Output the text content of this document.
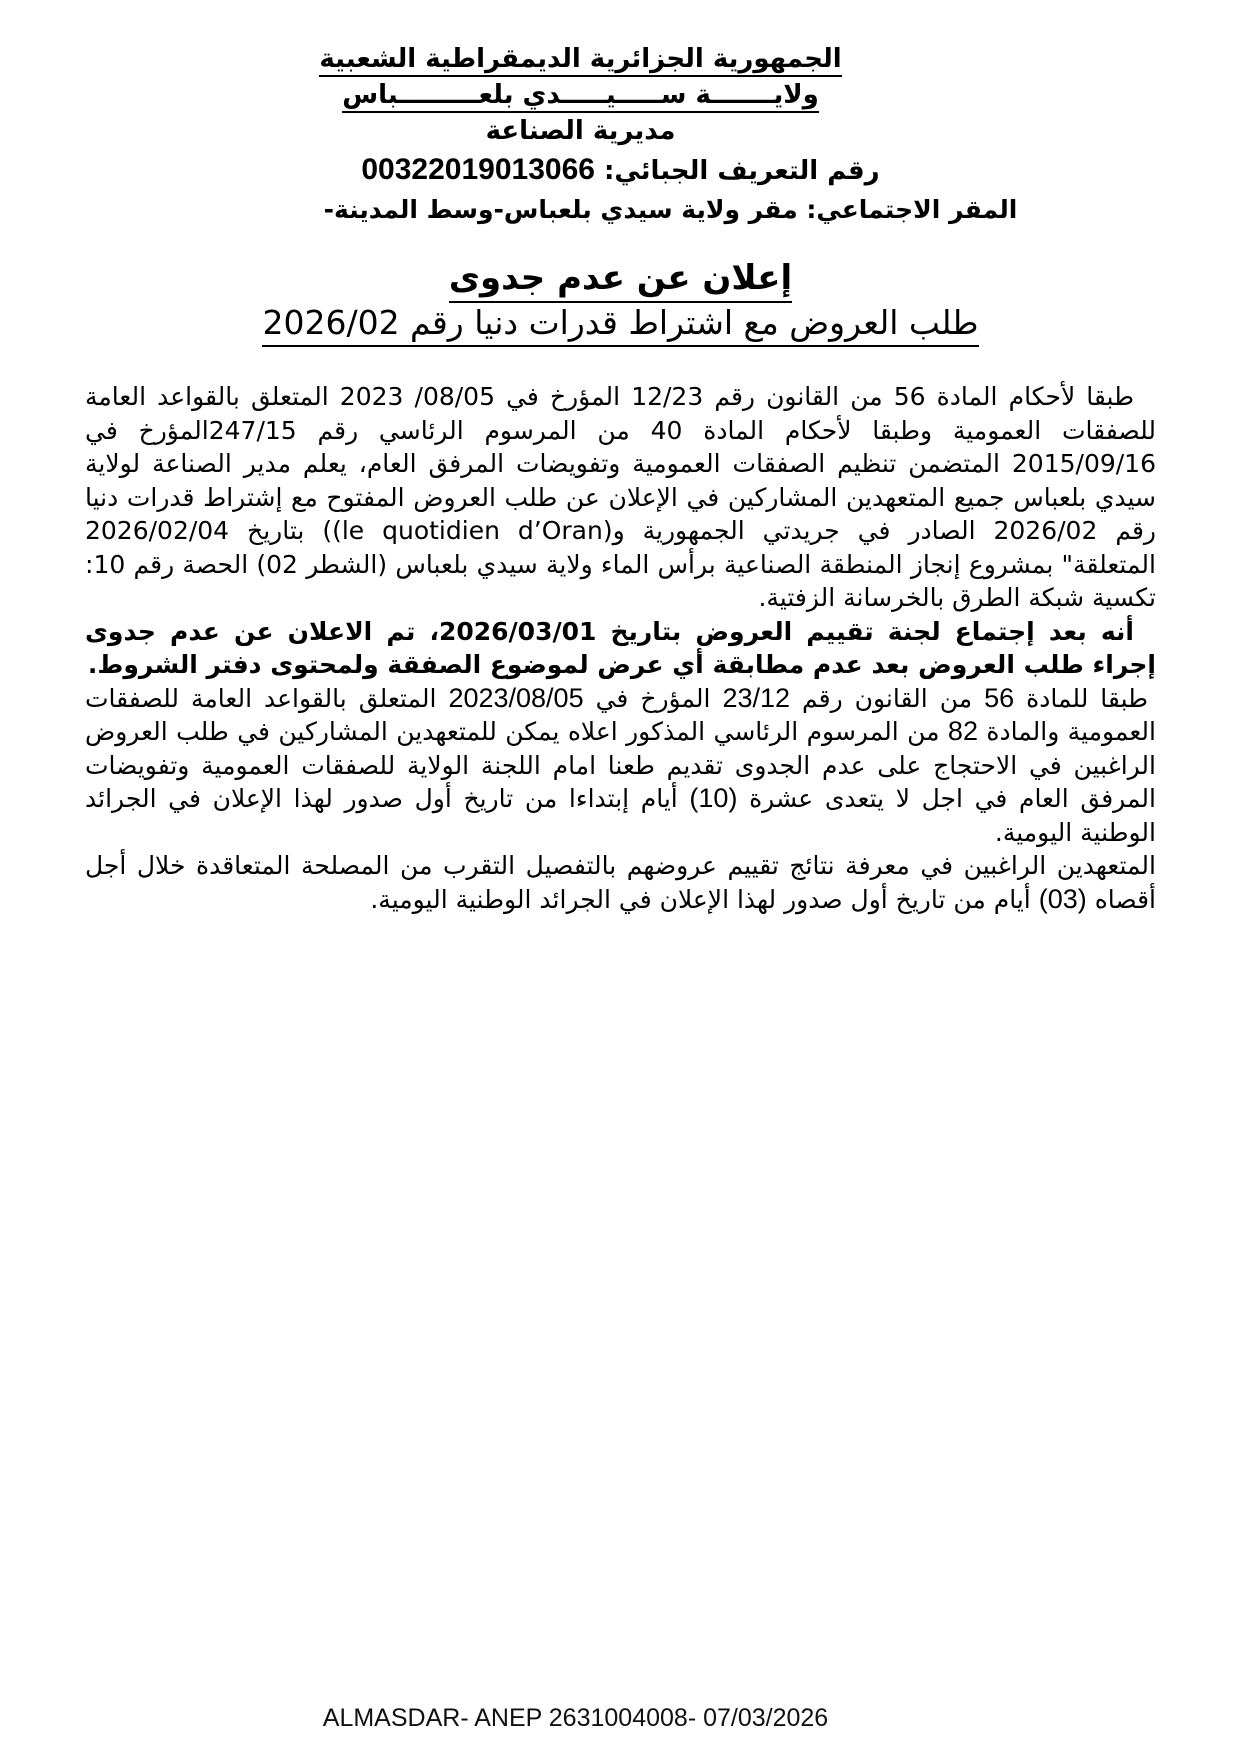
الجمهورية الجزائرية الديمقراطية الشعبية
ولايـــــــة ســـــيـــــدي بلعـــــــــباس
مديرية الصناعة
رقم التعريف الجبائي: 00322019013066
المقر الاجتماعي: مقر ولاية سيدي بلعباس-وسط المدينة-
إعلان عن عدم جدوى
طلب العروض مع اشتراط قدرات دنيا رقم 2026/02

طبقا لأحكام المادة 56 من القانون رقم 12/23 المؤرخ في 08/05/ 2023 المتعلق بالقواعد العامة للصفقات العمومية وطبقا لأحكام المادة 40 من المرسوم الرئاسي رقم 247/15المؤرخ في 2015/09/16 المتضمن تنظيم الصفقات العمومية وتفويضات المرفق العام، يعلم مدير الصناعة لولاية سيدي بلعباس جميع المتعهدين المشاركين في الإعلان عن طلب العروض المفتوح مع إشتراط قدرات دنيا رقم 2026/02 الصادر في جريدتي الجمهورية و(le quotidien d’Oran)) بتاريخ 2026/02/04 المتعلقة" بمشروع إنجاز المنطقة الصناعية برأس الماء ولاية سيدي بلعباس (الشطر 02) الحصة رقم 10: تكسية شبكة الطرق بالخرسانة الزفتية.

أنه بعد إجتماع لجنة تقييم العروض بتاريخ 2026/03/01، تم الاعلان عن عدم جدوى إجراء طلب العروض بعد عدم مطابقة أي عرض لموضوع الصفقة ولمحتوى دفتر الشروط.

طبقا للمادة 56 من القانون رقم 23/12 المؤرخ في 2023/08/05 المتعلق بالقواعد العامة للصفقات العمومية والمادة 82 من المرسوم الرئاسي المذكور اعلاه يمكن للمتعهدين المشاركين في طلب العروض الراغبين في الاحتجاج على عدم الجدوى تقديم طعنا امام اللجنة الولاية للصفقات العمومية وتفويضات المرفق العام في اجل لا يتعدى عشرة (10) أيام إبتداءا من تاريخ أول صدور لهذا الإعلان في الجرائد الوطنية اليومية.

المتعهدين الراغبين في معرفة نتائج تقييم عروضهم بالتفصيل التقرب من المصلحة المتعاقدة خلال أجل أقصاه (03) أيام من تاريخ أول صدور لهذا الإعلان في الجرائد الوطنية اليومية.

ALMASDAR- ANEP 2631004008- 07/03/2026
